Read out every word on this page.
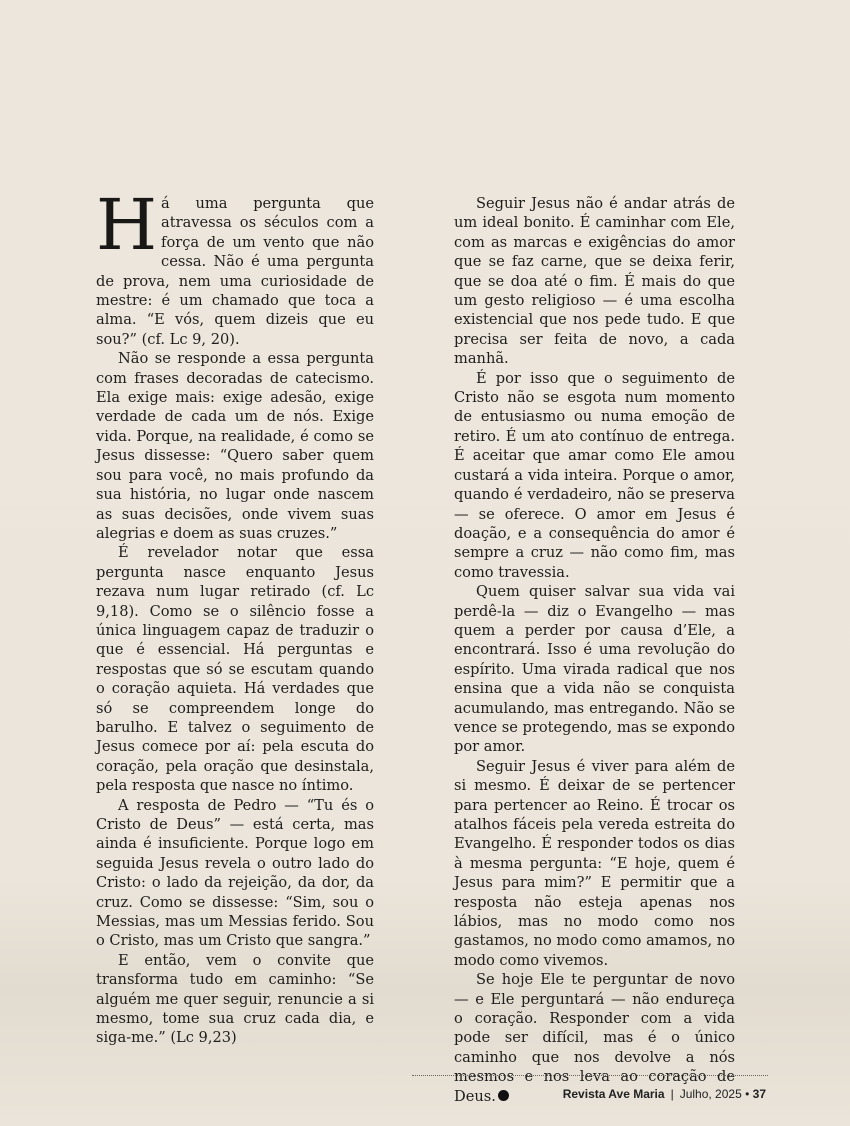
Há uma pergunta que atravessa os séculos com a força de um vento que não cessa. Não é uma pergunta de prova, nem uma curiosidade de mestre: é um chamado que toca a alma. “E vós, quem dizeis que eu sou?” (cf. Lc 9, 20).

Não se responde a essa pergunta com frases decoradas de catecismo. Ela exige mais: exige adesão, exige verdade de cada um de nós. Exige vida. Porque, na realidade, é como se Jesus dissesse: “Quero saber quem sou para você, no mais profundo da sua história, no lugar onde nascem as suas decisões, onde vivem suas alegrias e doem as suas cruzes.”

É revelador notar que essa pergunta nasce enquanto Jesus rezava num lugar retirado (cf. Lc 9,18). Como se o silêncio fosse a única linguagem capaz de traduzir o que é essencial. Há perguntas e respostas que só se escutam quando o coração aquieta. Há verdades que só se compreendem longe do barulho. E talvez o seguimento de Jesus comece por aí: pela escuta do coração, pela oração que desinstala, pela resposta que nasce no íntimo.

A resposta de Pedro — “Tu és o Cristo de Deus” — está certa, mas ainda é insuficiente. Porque logo em seguida Jesus revela o outro lado do Cristo: o lado da rejeição, da dor, da cruz. Como se dissesse: “Sim, sou o Messias, mas um Messias ferido. Sou o Cristo, mas um Cristo que sangra.”

E então, vem o convite que transforma tudo em caminho: “Se alguém me quer seguir, renuncie a si mesmo, tome sua cruz cada dia, e siga-me.” (Lc 9,23)

Seguir Jesus não é andar atrás de um ideal bonito. É caminhar com Ele, com as marcas e exigências do amor que se faz carne, que se deixa ferir, que se doa até o fim. É mais do que um gesto religioso — é uma escolha existencial que nos pede tudo. E que precisa ser feita de novo, a cada manhã.

É por isso que o seguimento de Cristo não se esgota num momento de entusiasmo ou numa emoção de retiro. É um ato contínuo de entrega. É aceitar que amar como Ele amou custará a vida inteira. Porque o amor, quando é verdadeiro, não se preserva — se oferece. O amor em Jesus é doação, e a consequência do amor é sempre a cruz — não como fim, mas como travessia.

Quem quiser salvar sua vida vai perdê-la — diz o Evangelho — mas quem a perder por causa d’Ele, a encontrará. Isso é uma revolução do espírito. Uma virada radical que nos ensina que a vida não se conquista acumulando, mas entregando. Não se vence se protegendo, mas se expondo por amor.

Seguir Jesus é viver para além de si mesmo. É deixar de se pertencer para pertencer ao Reino. É trocar os atalhos fáceis pela vereda estreita do Evangelho. É responder todos os dias à mesma pergunta: “E hoje, quem é Jesus para mim?” E permitir que a resposta não esteja apenas nos lábios, mas no modo como nos gastamos, no modo como amamos, no modo como vivemos.

Se hoje Ele te perguntar de novo — e Ele perguntará — não endureça o coração. Responder com a vida pode ser difícil, mas é o único caminho que nos devolve a nós mesmos e nos leva ao coração de Deus.	Revista Ave Maria | Julho, 2025 • 37
